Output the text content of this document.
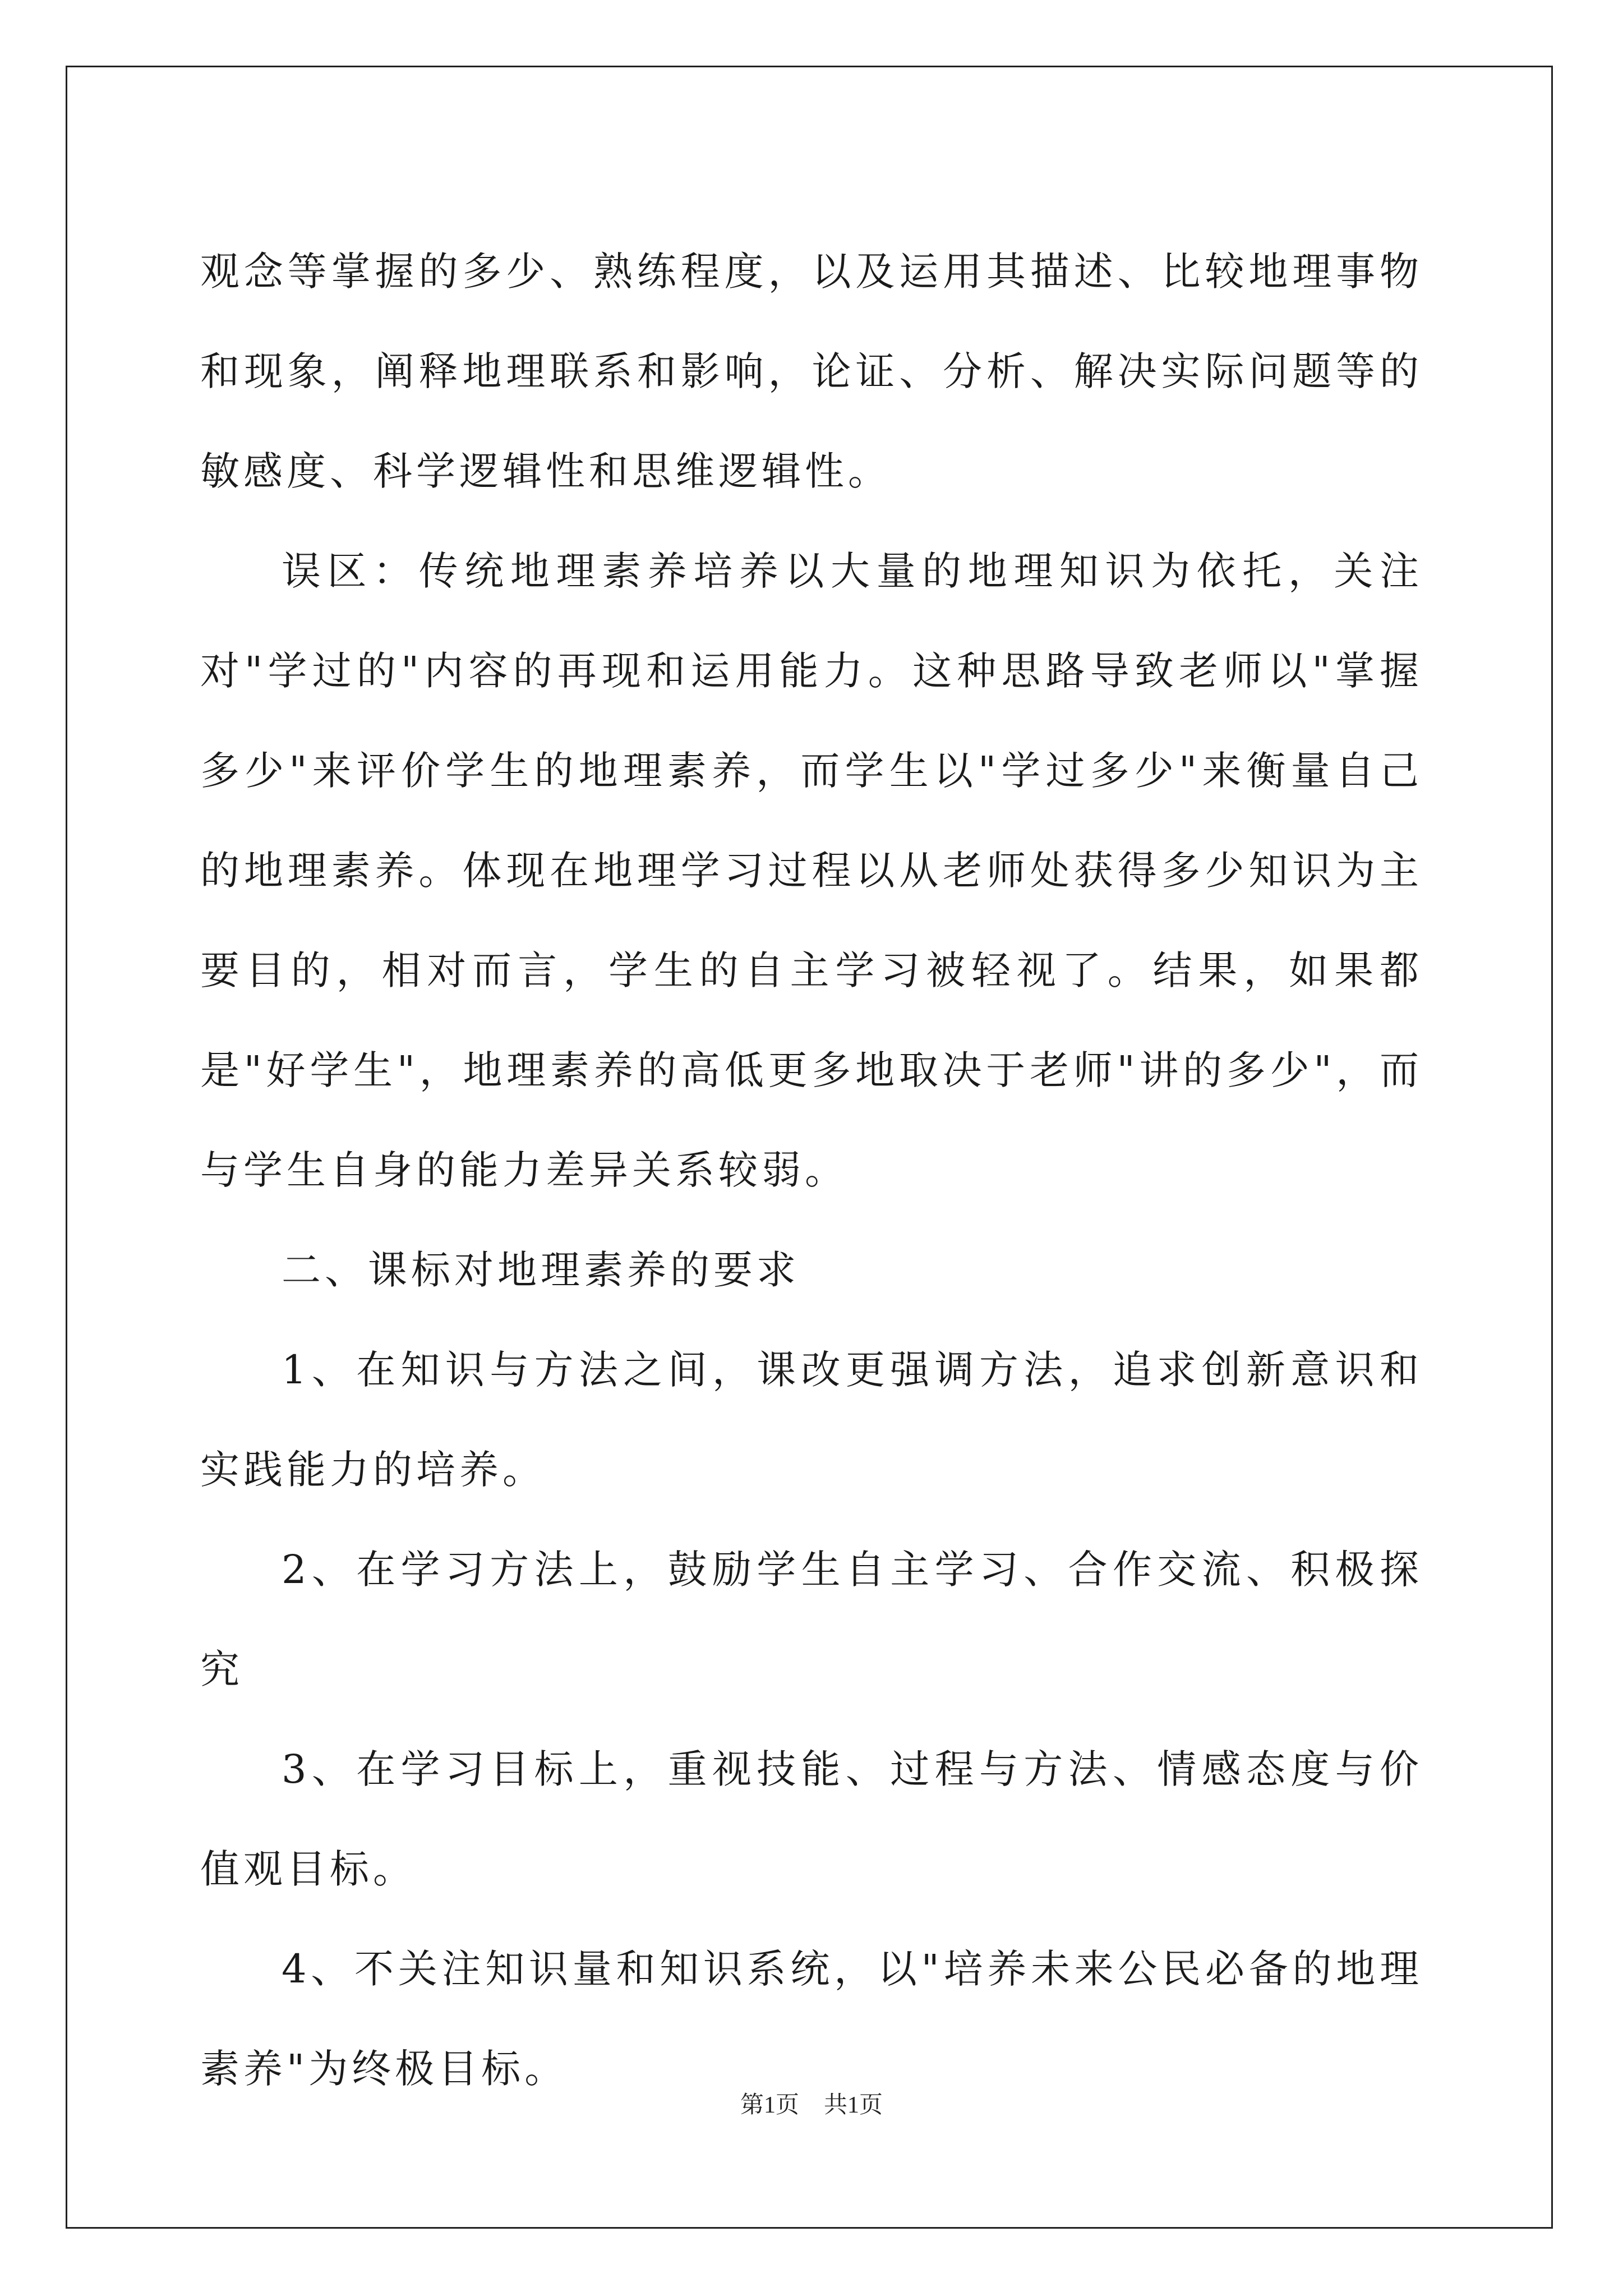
观念等掌握的多少、熟练程度，以及运用其描述、比较地理事物和现象，阐释地理联系和影响，论证、分析、解决实际问题等的敏感度、科学逻辑性和思维逻辑性。

误区：传统地理素养培养以大量的地理知识为依托，关注对"学过的"内容的再现和运用能力。这种思路导致老师以"掌握多少"来评价学生的地理素养，而学生以"学过多少"来衡量自己的地理素养。体现在地理学习过程以从老师处获得多少知识为主要目的，相对而言，学生的自主学习被轻视了。结果，如果都是"好学生"，地理素养的高低更多地取决于老师"讲的多少"，而与学生自身的能力差异关系较弱。

二、课标对地理素养的要求

1、在知识与方法之间，课改更强调方法，追求创新意识和实践能力的培养。

2、在学习方法上，鼓励学生自主学习、合作交流、积极探究

3、在学习目标上，重视技能、过程与方法、情感态度与价值观目标。

4、不关注知识量和知识系统，以"培养未来公民必备的地理素养"为终极目标。

第1页 共1页
